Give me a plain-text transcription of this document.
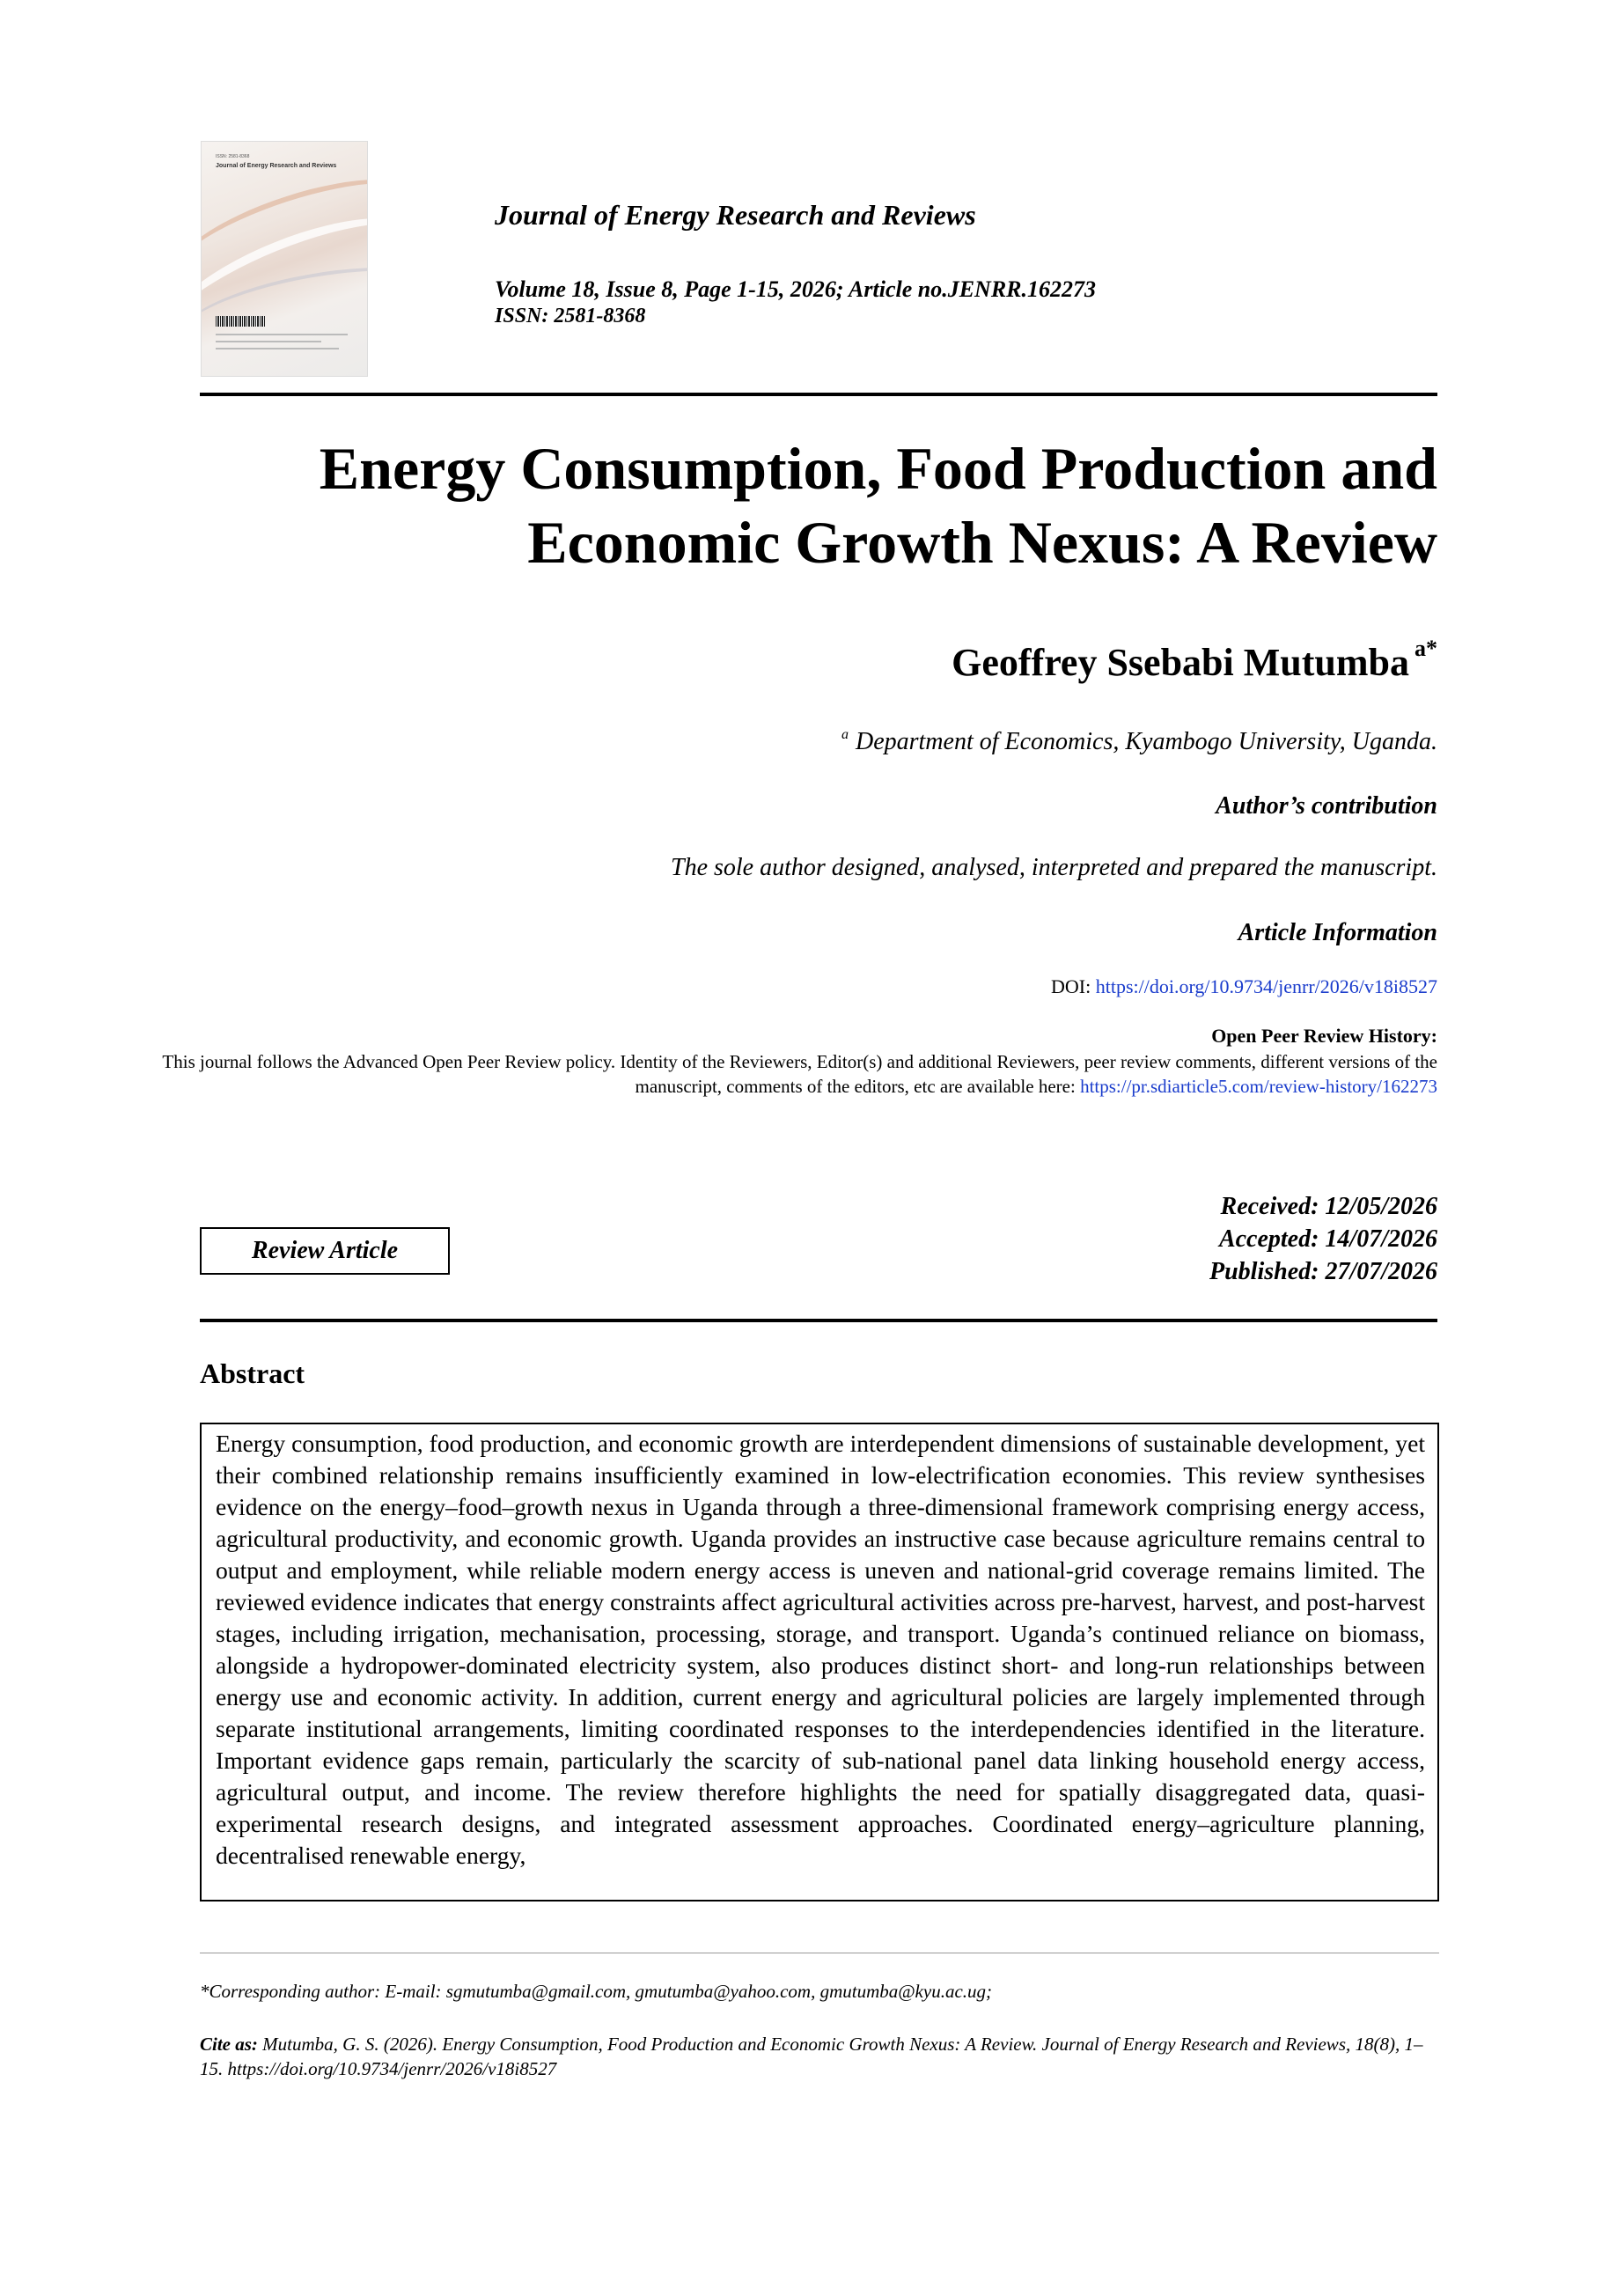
ISSN: 2581-8368
Journal of Energy Research and Reviews
Journal of Energy Research and Reviews
Volume 18, Issue 8, Page 1-15, 2026; Article no.JENRR.162273
ISSN: 2581-8368
Energy Consumption, Food Production and Economic Growth Nexus: A Review
Geoffrey Ssebabi Mutumba $^{a*}$
$^a$ Department of Economics, Kyambogo University, Uganda.
Author’s contribution
The sole author designed, analysed, interpreted and prepared the manuscript.
Article Information
DOI: https://doi.org/10.9734/jenrr/2026/v18i8527
Open Peer Review History:
This journal follows the Advanced Open Peer Review policy. Identity of the Reviewers, Editor(s) and additional Reviewers, peer review comments, different versions of the manuscript, comments of the editors, etc are available here: https://pr.sdiarticle5.com/review-history/162273
Received: 12/05/2026
Accepted: 14/07/2026
Published: 27/07/2026
Review Article
Abstract
Energy consumption, food production, and economic growth are interdependent dimensions of sustainable development, yet their combined relationship remains insufficiently examined in low-electrification economies. This review synthesises evidence on the energy–food–growth nexus in Uganda through a three-dimensional framework comprising energy access, agricultural productivity, and economic growth. Uganda provides an instructive case because agriculture remains central to output and employment, while reliable modern energy access is uneven and national-grid coverage remains limited. The reviewed evidence indicates that energy constraints affect agricultural activities across pre-harvest, harvest, and post-harvest stages, including irrigation, mechanisation, processing, storage, and transport. Uganda’s continued reliance on biomass, alongside a hydropower-dominated electricity system, also produces distinct short- and long-run relationships between energy use and economic activity. In addition, current energy and agricultural policies are largely implemented through separate institutional arrangements, limiting coordinated responses to the interdependencies identified in the literature. Important evidence gaps remain, particularly the scarcity of sub-national panel data linking household energy access, agricultural output, and income. The review therefore highlights the need for spatially disaggregated data, quasi-experimental research designs, and integrated assessment approaches. Coordinated energy–agriculture planning, decentralised renewable energy,
*Corresponding author: E-mail: sgmutumba@gmail.com, gmutumba@yahoo.com, gmutumba@kyu.ac.ug;
Cite as: Mutumba, G. S. (2026). Energy Consumption, Food Production and Economic Growth Nexus: A Review. Journal of Energy Research and Reviews, 18(8), 1–15. https://doi.org/10.9734/jenrr/2026/v18i8527
